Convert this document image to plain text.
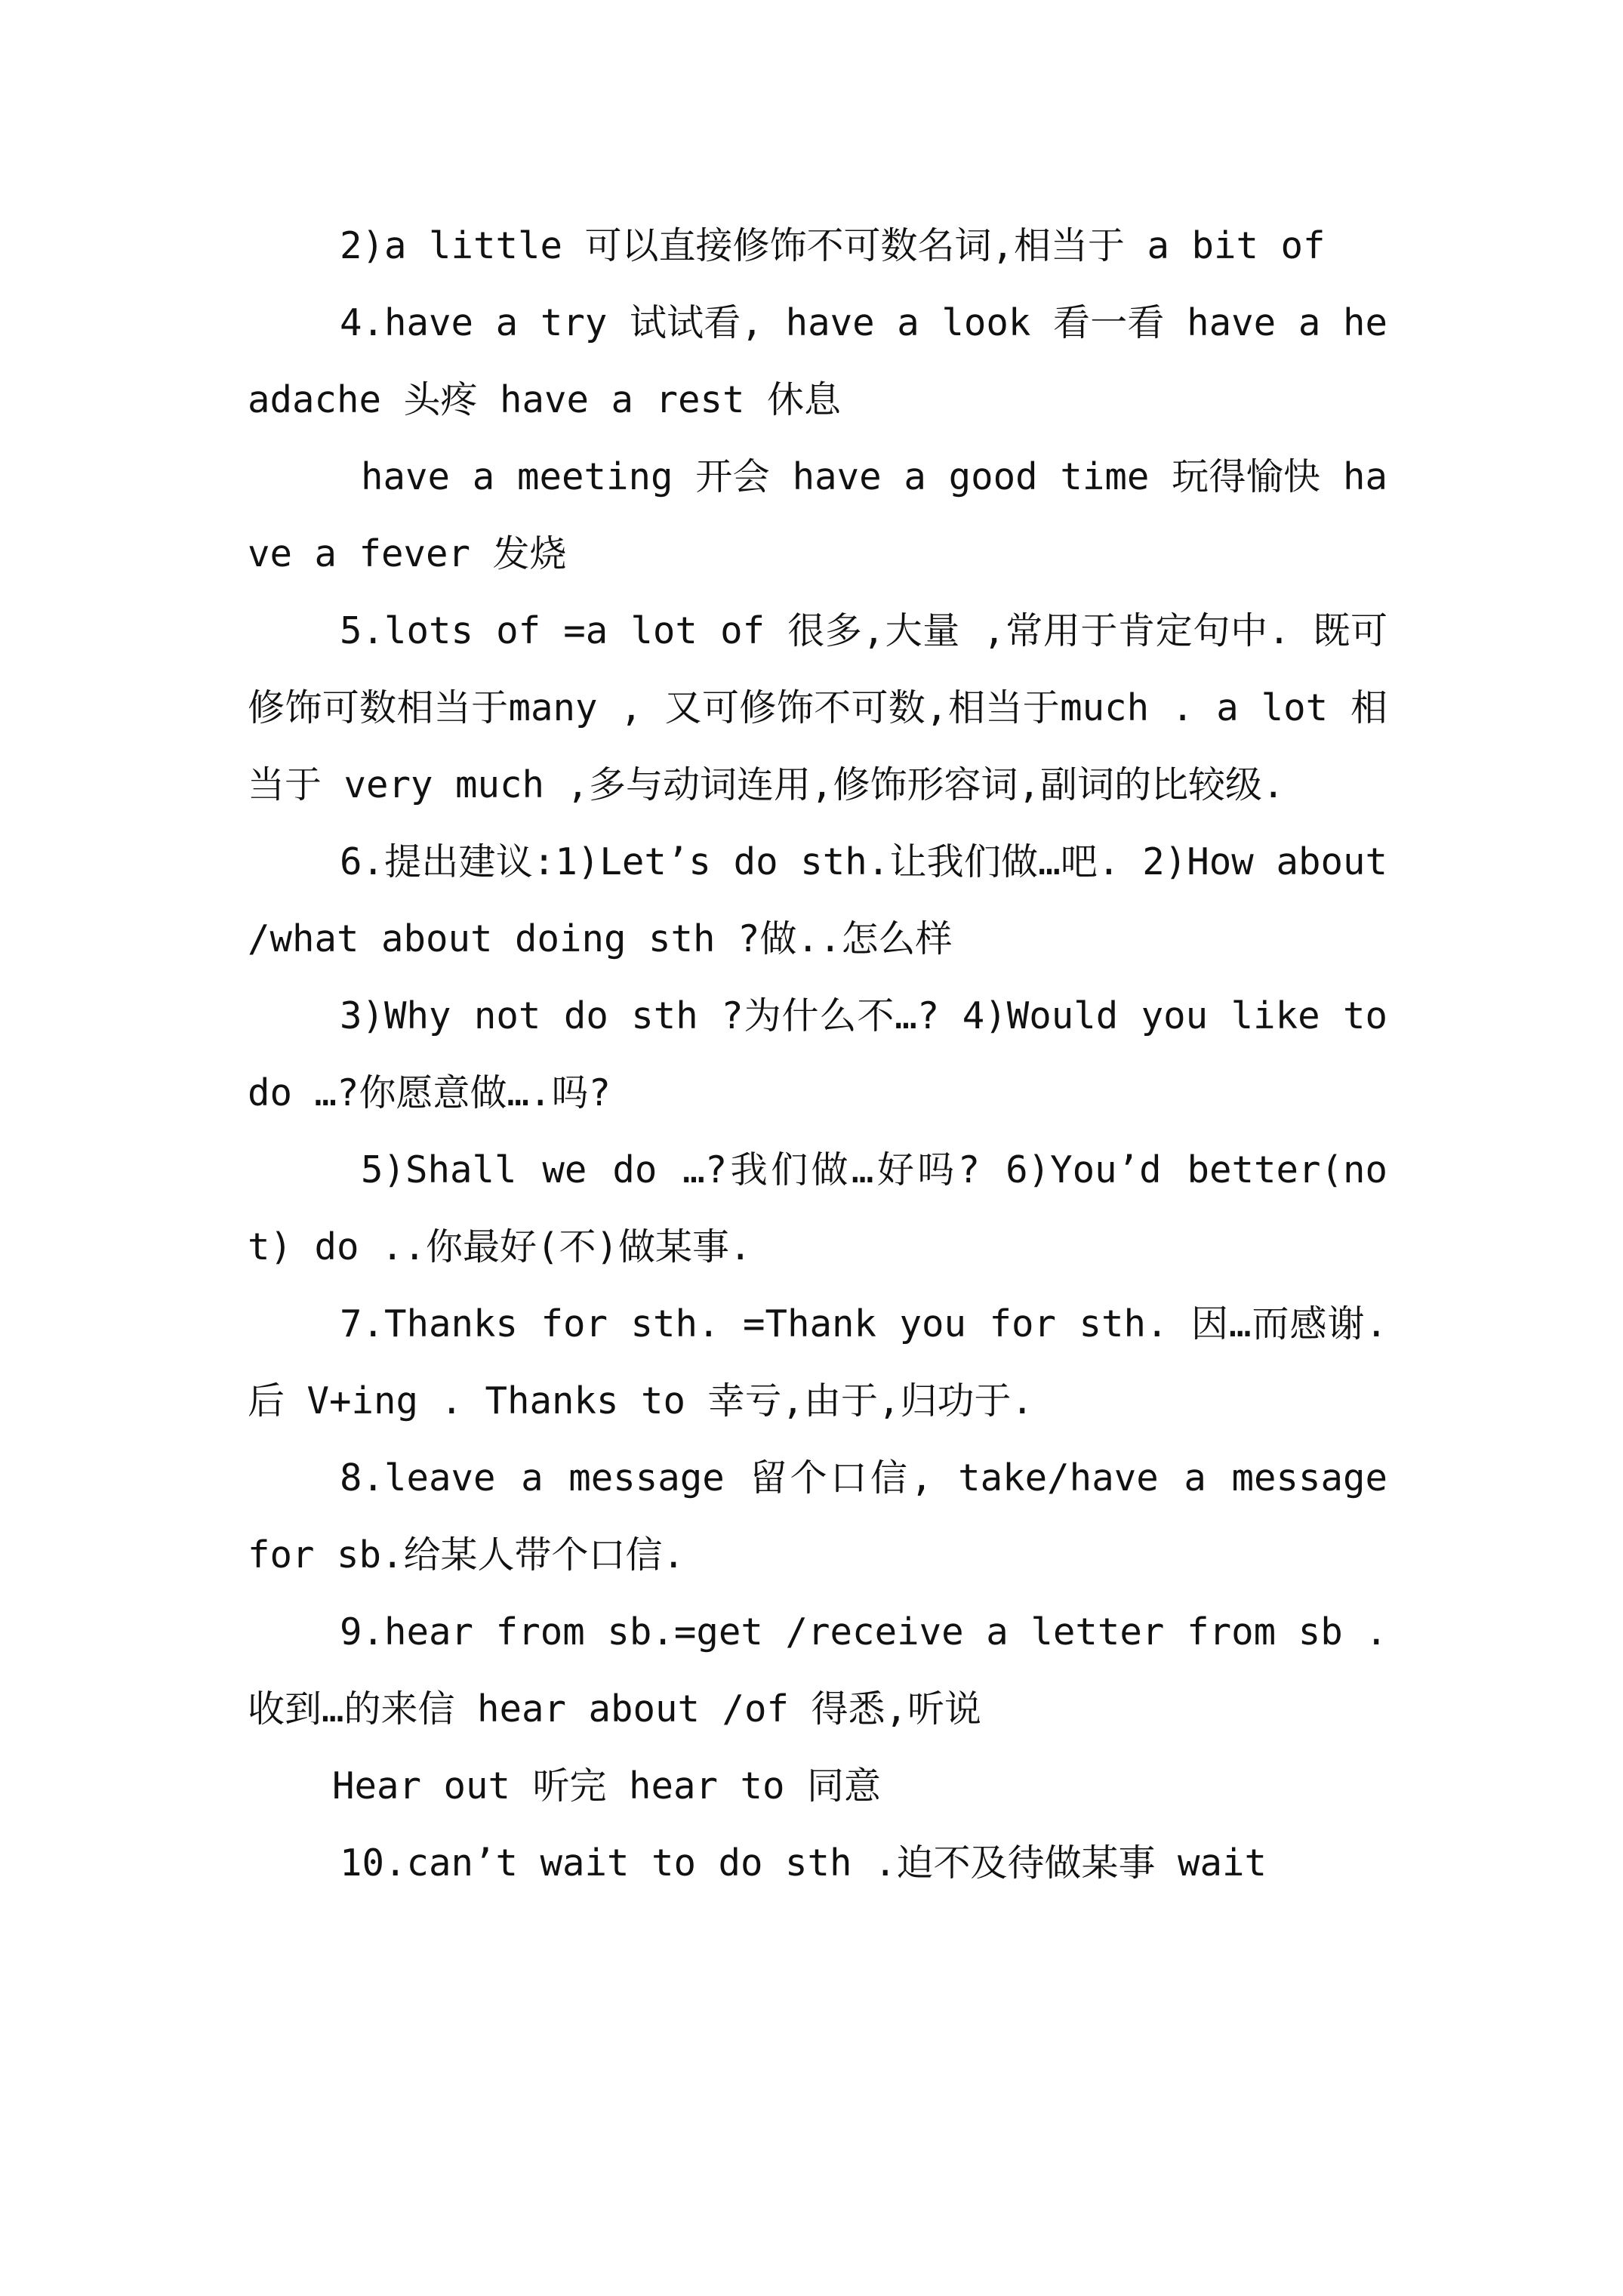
2)a little 可以直接修饰不可数名词,相当于 a bit of

4.have a try 试试看, have a look 看一看 have a headache 头疼 have a rest 休息

have a meeting 开会 have a good time 玩得愉快 have a fever 发烧

5.lots of =a lot of 很多,大量 ,常用于肯定句中. 既可修饰可数相当于many , 又可修饰不可数,相当于much . a lot 相当于 very much ,多与动词连用,修饰形容词,副词的比较级.

6.提出建议:1)Let’s do sth.让我们做…吧. 2)How about /what about doing sth ?做..怎么样

3)Why not do sth ?为什么不…? 4)Would you like to do …?你愿意做….吗?

5)Shall we do …?我们做…好吗? 6)You’d better(not) do ..你最好(不)做某事.

7.Thanks for sth. =Thank you for sth. 因…而感谢.后 V+ing . Thanks to 幸亏,由于,归功于.

8.leave a message 留个口信, take/have a message for sb.给某人带个口信.

9.hear from sb.=get /receive a letter from sb . 收到…的来信 hear about /of 得悉,听说

Hear out 听完 hear to 同意

10.can’t wait to do sth .迫不及待做某事 wait
